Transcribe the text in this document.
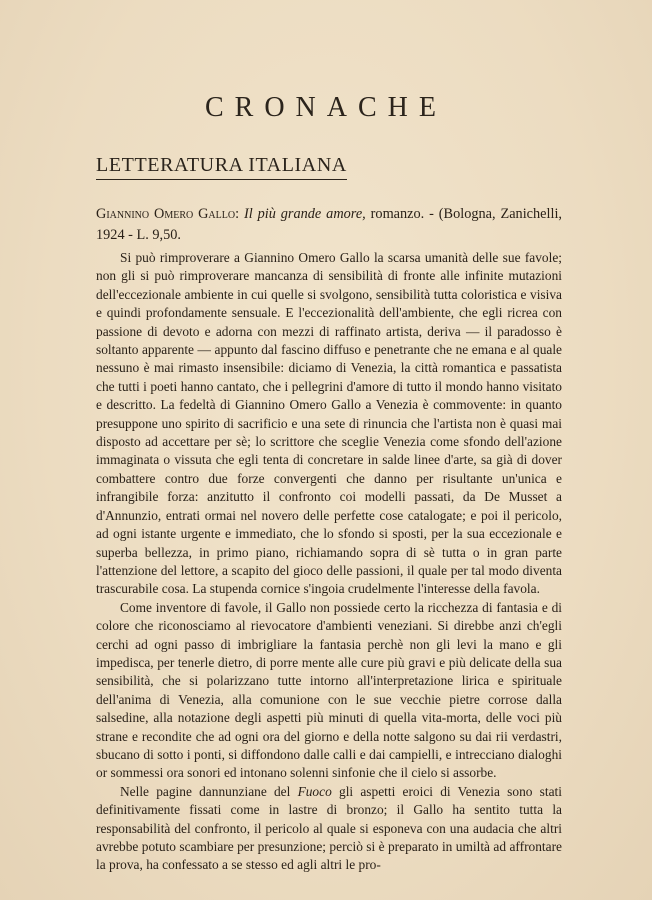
CRONACHE
LETTERATURA ITALIANA
Giannino Omero Gallo: Il più grande amore, romanzo. - (Bologna, Zanichelli, 1924 - L. 9,50.

Si può rimproverare a Giannino Omero Gallo la scarsa umanità delle sue favole; non gli si può rimproverare mancanza di sensibilità di fronte alle infinite mutazioni dell'eccezionale ambiente in cui quelle si svolgono, sensibilità tutta coloristica e visiva e quindi profondamente sensuale. E l'eccezionalità dell'ambiente, che egli ricrea con passione di devoto e adorna con mezzi di raffinato artista, deriva — il paradosso è soltanto apparente — appunto dal fascino diffuso e penetrante che ne emana e al quale nessuno è mai rimasto insensibile: diciamo di Venezia, la città romantica e passatista che tutti i poeti hanno cantato, che i pellegrini d'amore di tutto il mondo hanno visitato e descritto. La fedeltà di Giannino Omero Gallo a Venezia è commovente: in quanto presuppone uno spirito di sacrificio e una sete di rinuncia che l'artista non è quasi mai disposto ad accettare per sè; lo scrittore che sceglie Venezia come sfondo dell'azione immaginata o vissuta che egli tenta di concretare in salde linee d'arte, sa già di dover combattere contro due forze convergenti che danno per risultante un'unica e infrangibile forza: anzitutto il confronto coi modelli passati, da De Musset a d'Annunzio, entrati ormai nel novero delle perfette cose catalogate; e poi il pericolo, ad ogni istante urgente e immediato, che lo sfondo si sposti, per la sua eccezionale e superba bellezza, in primo piano, richiamando sopra di sè tutta o in gran parte l'attenzione del lettore, a scapito del gioco delle passioni, il quale per tal modo diventa trascurabile cosa. La stupenda cornice s'ingoia crudelmente l'interesse della favola.

Come inventore di favole, il Gallo non possiede certo la ricchezza di fantasia e di colore che riconosciamo al rievocatore d'ambienti veneziani. Si direbbe anzi ch'egli cerchi ad ogni passo di imbrigliare la fantasia perchè non gli levi la mano e gli impedisca, per tenerle dietro, di porre mente alle cure più gravi e più delicate della sua sensibilità, che si polarizzano tutte intorno all'interpretazione lirica e spirituale dell'anima di Venezia, alla comunione con le sue vecchie pietre corrose dalla salsedine, alla notazione degli aspetti più minuti di quella vita-morta, delle voci più strane e recondite che ad ogni ora del giorno e della notte salgono su dai rii verdastri, sbucano di sotto i ponti, si diffondono dalle calli e dai campielli, e intrecciano dialoghi or sommessi ora sonori ed intonano solenni sinfonie che il cielo si assorbe.

Nelle pagine dannunziane del Fuoco gli aspetti eroici di Venezia sono stati definitivamente fissati come in lastre di bronzo; il Gallo ha sentito tutta la responsabilità del confronto, il pericolo al quale si esponeva con una audacia che altri avrebbe potuto scambiare per presunzione; perciò si è preparato in umiltà ad affrontare la prova, ha confessato a se stesso ed agli altri le pro-
